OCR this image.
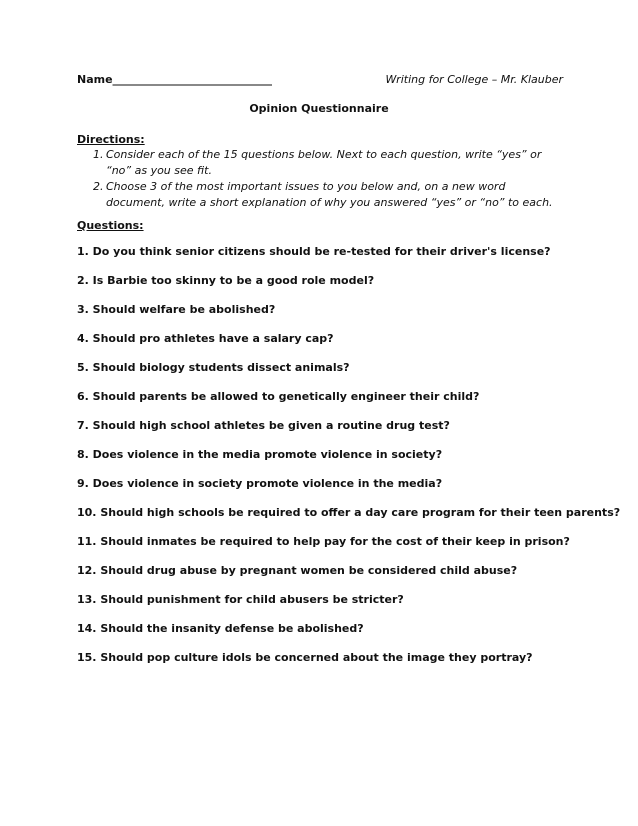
Name_____________________________	Writing for College – Mr. Klauber
Opinion Questionnaire
Directions:
1. Consider each of the 15 questions below. Next to each question, write “yes” or “no” as you see fit.
2. Choose 3 of the most important issues to you below and, on a new word document, write a short explanation of why you answered “yes” or “no” to each.
Questions:
1. Do you think senior citizens should be re-tested for their driver's license?
2. Is Barbie too skinny to be a good role model?
3. Should welfare be abolished?
4. Should pro athletes have a salary cap?
5. Should biology students dissect animals?
6. Should parents be allowed to genetically engineer their child?
7. Should high school athletes be given a routine drug test?
8. Does violence in the media promote violence in society?
9. Does violence in society promote violence in the media?
10. Should high schools be required to offer a day care program for their teen parents?
11. Should inmates be required to help pay for the cost of their keep in prison?
12. Should drug abuse by pregnant women be considered child abuse?
13. Should punishment for child abusers be stricter?
14. Should the insanity defense be abolished?
15. Should pop culture idols be concerned about the image they portray?
